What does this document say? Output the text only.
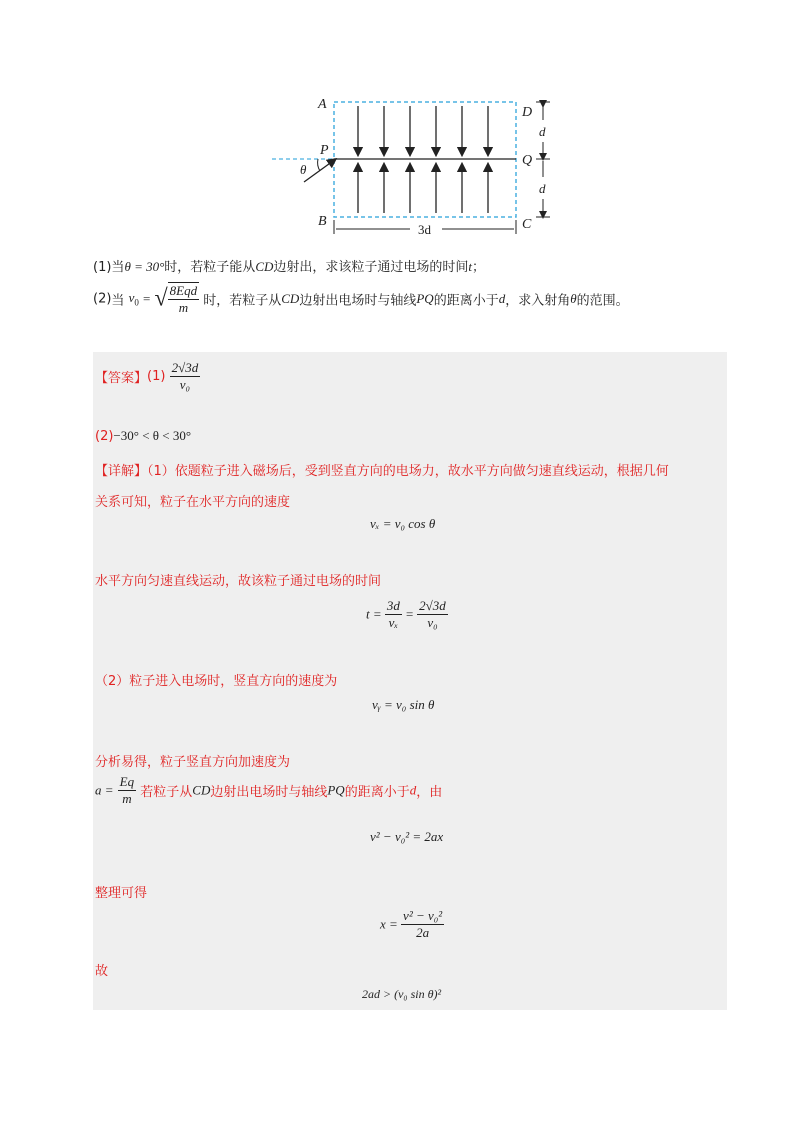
A
B
D
C
P
Q
θ
d
d
3d
(1)当θ = 30°时，若粒子能从CD边射出，求该粒子通过电场的时间t；
(2)当 $v_0$ = √ $\frac{\text{8Eqd}}{m}$ 时，若粒子从CD边射出电场时与轴线PQ的距离小于d，求入射角θ的范围。
【答案】$(1) \frac{2√3d}{\text{v₀}}$
(2)−30° < θ < 30°
【详解】（1）依题粒子进入磁场后，受到竖直方向的电场力，故水平方向做匀速直线运动，根据几何
关系可知，粒子在水平方向的速度
vₓ = v₀ cos θ
水平方向匀速直线运动，故该粒子通过电场的时间
$t = \frac{3d}{\text{vₓ}} = \frac{2√3d}{\text{v₀}}$
（2）粒子进入电场时，竖直方向的速度为
vᵧ = v₀ sin θ
分析易得，粒子竖直方向加速度为
$a = \frac{Eq}{m}$ 若粒子从CD边射出电场时与轴线PQ的距离小于d，由
v² − v₀² = 2ax
整理可得
$x = \frac{\text{v² − v₀²}}{2a}$
故
2ad > (v₀ sin θ)²
